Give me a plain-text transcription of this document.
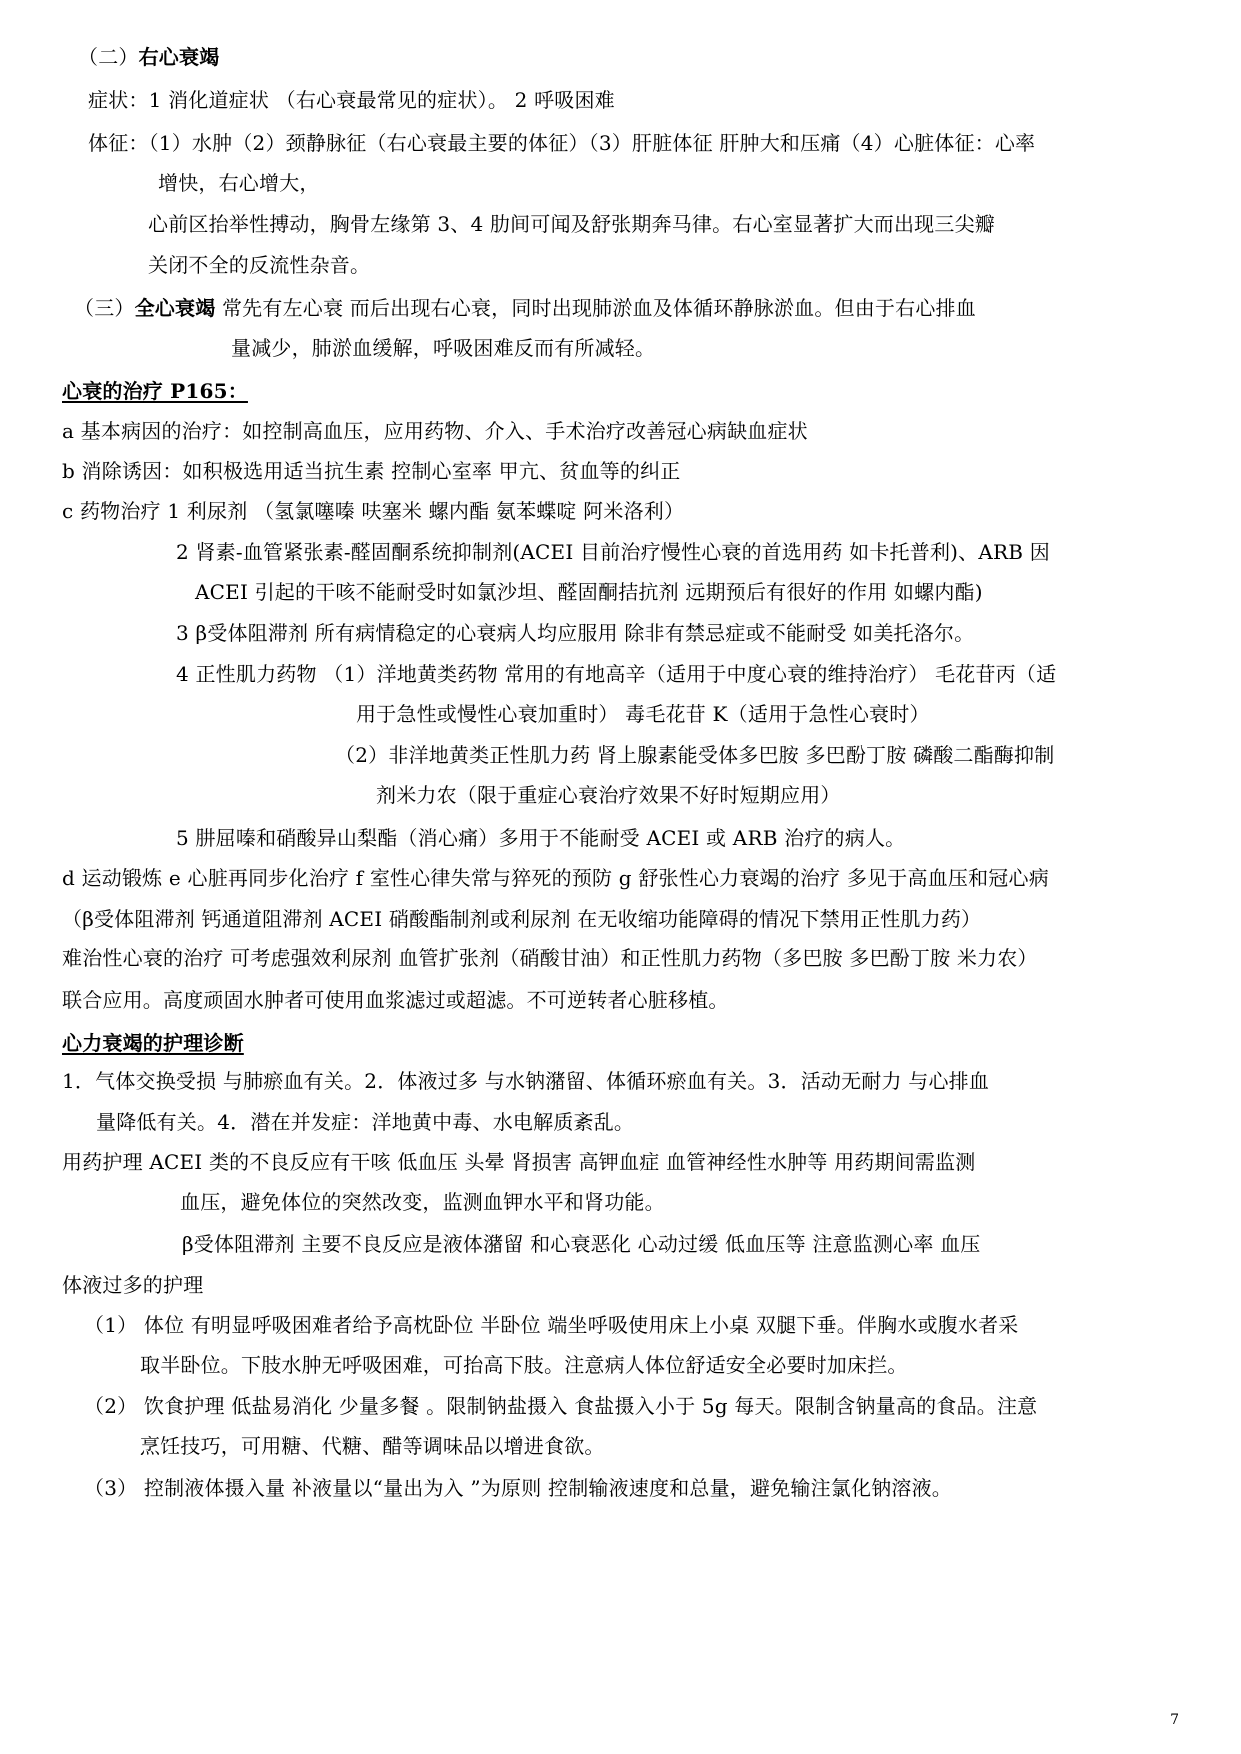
（二）右心衰竭
症状：1 消化道症状 （右心衰最常见的症状）。 2 呼吸困难
体征：（1）水肿（2）颈静脉征（右心衰最主要的体征）（3）肝脏体征 肝肿大和压痛（4）心脏体征：心率
增快，右心增大，
心前区抬举性搏动，胸骨左缘第 3、4 肋间可闻及舒张期奔马律。右心室显著扩大而出现三尖瓣
关闭不全的反流性杂音。
（三）全心衰竭 常先有左心衰 而后出现右心衰，同时出现肺淤血及体循环静脉淤血。但由于右心排血
量减少，肺淤血缓解，呼吸困难反而有所减轻。
心衰的治疗 P165：
a 基本病因的治疗：如控制高血压，应用药物、介入、手术治疗改善冠心病缺血症状
b 消除诱因：如积极选用适当抗生素 控制心室率 甲亢、贫血等的纠正
c 药物治疗 1 利尿剂 （氢氯噻嗪 呋塞米 螺内酯 氨苯蝶啶 阿米洛利）
2 肾素-血管紧张素-醛固酮系统抑制剂(ACEI 目前治疗慢性心衰的首选用药 如卡托普利)、ARB 因
ACEI 引起的干咳不能耐受时如氯沙坦、醛固酮拮抗剂 远期预后有很好的作用 如螺内酯)
3 β受体阻滞剂 所有病情稳定的心衰病人均应服用 除非有禁忌症或不能耐受 如美托洛尔。
4 正性肌力药物 （1）洋地黄类药物 常用的有地高辛（适用于中度心衰的维持治疗） 毛花苷丙（适
用于急性或慢性心衰加重时） 毒毛花苷 K（适用于急性心衰时）
（2）非洋地黄类正性肌力药 肾上腺素能受体多巴胺 多巴酚丁胺 磷酸二酯酶抑制
剂米力农（限于重症心衰治疗效果不好时短期应用）
5 肼屈嗪和硝酸异山梨酯（消心痛）多用于不能耐受 ACEI 或 ARB 治疗的病人。
d 运动锻炼 e 心脏再同步化治疗 f 室性心律失常与猝死的预防 g 舒张性心力衰竭的治疗 多见于高血压和冠心病
（β受体阻滞剂 钙通道阻滞剂 ACEI 硝酸酯制剂或利尿剂 在无收缩功能障碍的情况下禁用正性肌力药）
难治性心衰的治疗 可考虑强效利尿剂 血管扩张剂（硝酸甘油）和正性肌力药物（多巴胺 多巴酚丁胺 米力农）
联合应用。高度顽固水肿者可使用血浆滤过或超滤。不可逆转者心脏移植。
心力衰竭的护理诊断
1．气体交换受损 与肺瘀血有关。2．体液过多 与水钠潴留、体循环瘀血有关。3．活动无耐力 与心排血
量降低有关。4．潜在并发症：洋地黄中毒、水电解质紊乱。
用药护理 ACEI 类的不良反应有干咳 低血压 头晕 肾损害 高钾血症 血管神经性水肿等 用药期间需监测
血压，避免体位的突然改变，监测血钾水平和肾功能。
β受体阻滞剂 主要不良反应是液体潴留 和心衰恶化 心动过缓 低血压等 注意监测心率 血压
体液过多的护理
（1） 体位 有明显呼吸困难者给予高枕卧位 半卧位 端坐呼吸使用床上小桌 双腿下垂。伴胸水或腹水者采
取半卧位。下肢水肿无呼吸困难，可抬高下肢。注意病人体位舒适安全必要时加床拦。
（2） 饮食护理 低盐易消化 少量多餐 。限制钠盐摄入 食盐摄入小于 5g 每天。限制含钠量高的食品。注意
烹饪技巧，可用糖、代糖、醋等调味品以增进食欲。
（3） 控制液体摄入量 补液量以“量出为入 ”为原则 控制输液速度和总量，避免输注氯化钠溶液。
7
